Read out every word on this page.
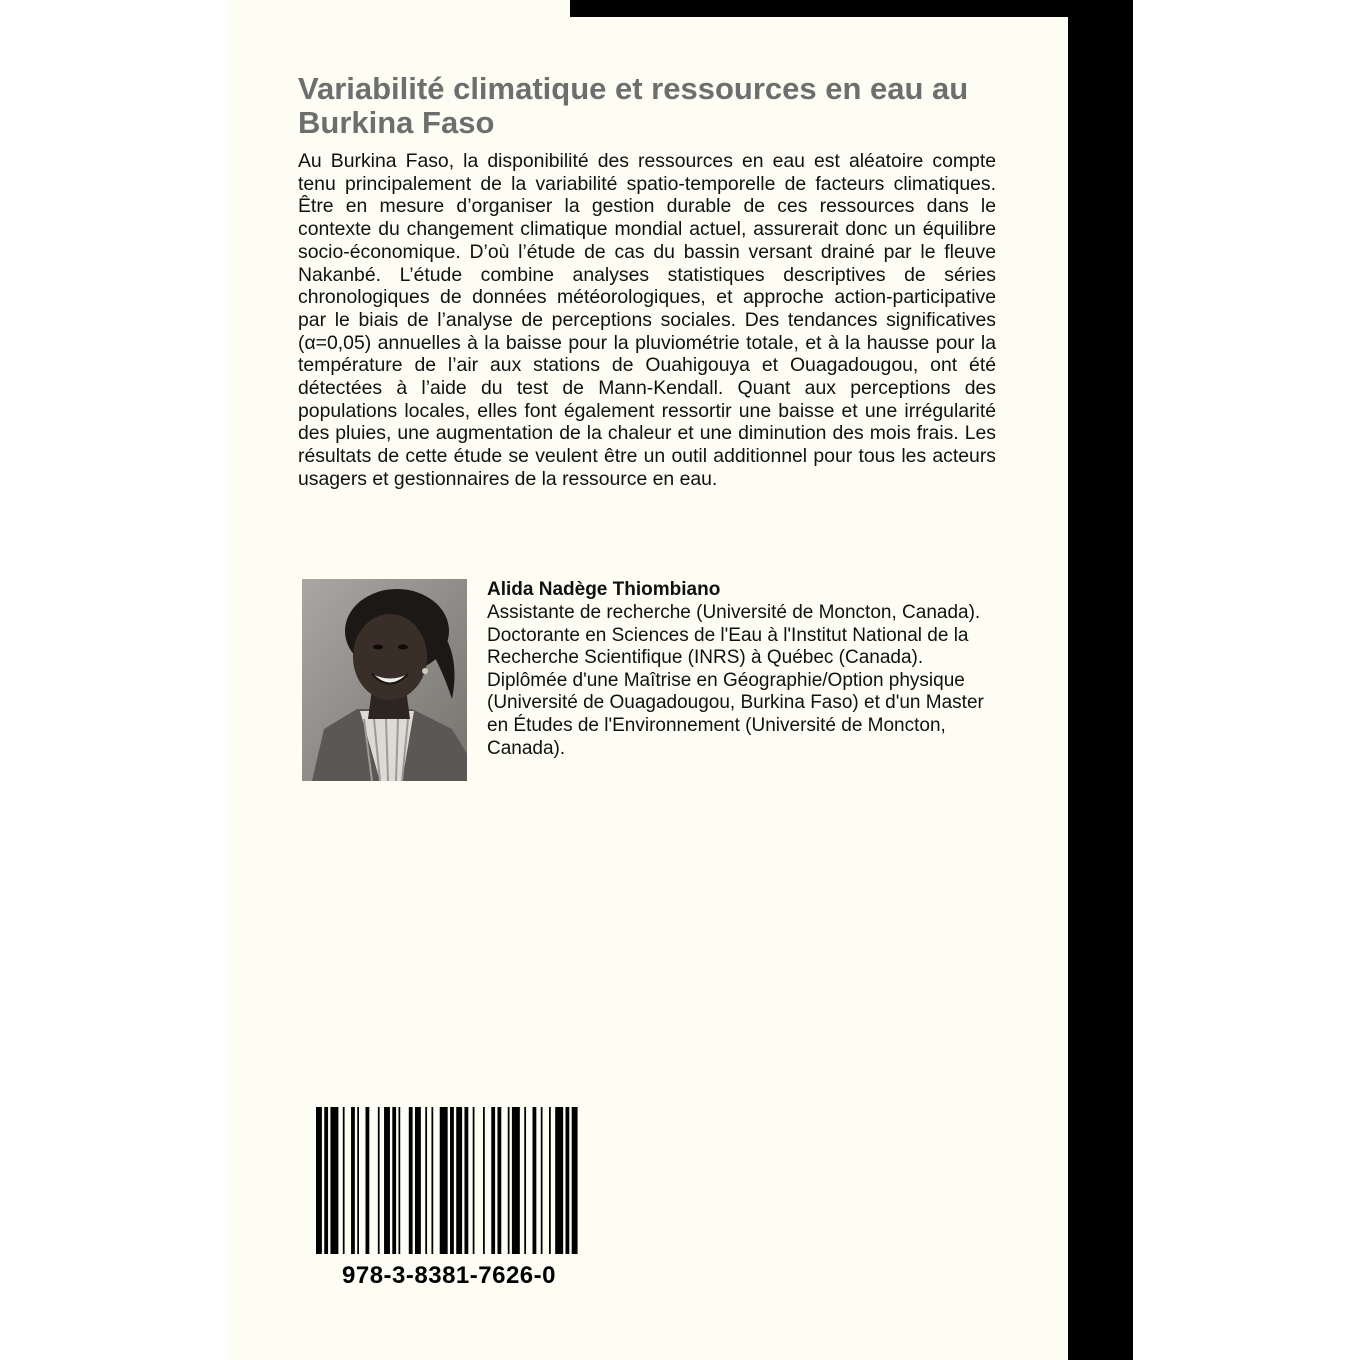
Variabilité climatique et ressources en eau au Burkina Faso

Au Burkina Faso, la disponibilité des ressources en eau est aléatoire compte tenu principalement de la variabilité spatio-temporelle de facteurs climatiques. Être en mesure d’organiser la gestion durable de ces ressources dans le contexte du changement climatique mondial actuel, assurerait donc un équilibre socio-économique. D’où l’étude de cas du bassin versant drainé par le fleuve Nakanbé. L’étude combine analyses statistiques descriptives de séries chronologiques de données météorologiques, et approche action-participative par le biais de l’analyse de perceptions sociales. Des tendances significatives (α=0,05) annuelles à la baisse pour la pluviométrie totale, et à la hausse pour la température de l’air aux stations de Ouahigouya et Ouagadougou, ont été détectées à l’aide du test de Mann-Kendall. Quant aux perceptions des populations locales, elles font également ressortir une baisse et une irrégularité des pluies, une augmentation de la chaleur et une diminution des mois frais. Les résultats de cette étude se veulent être un outil additionnel pour tous les acteurs usagers et gestionnaires de la ressource en eau.

Alida Nadège Thiombiano

Assistante de recherche (Université de Moncton, Canada). Doctorante en Sciences de l'Eau à l'Institut National de la Recherche Scientifique (INRS) à Québec (Canada). Diplômée d'une Maîtrise en Géographie/Option physique (Université de Ouagadougou, Burkina Faso) et d'un Master en Études de l'Environnement (Université de Moncton, Canada).

978-3-8381-7626-0
